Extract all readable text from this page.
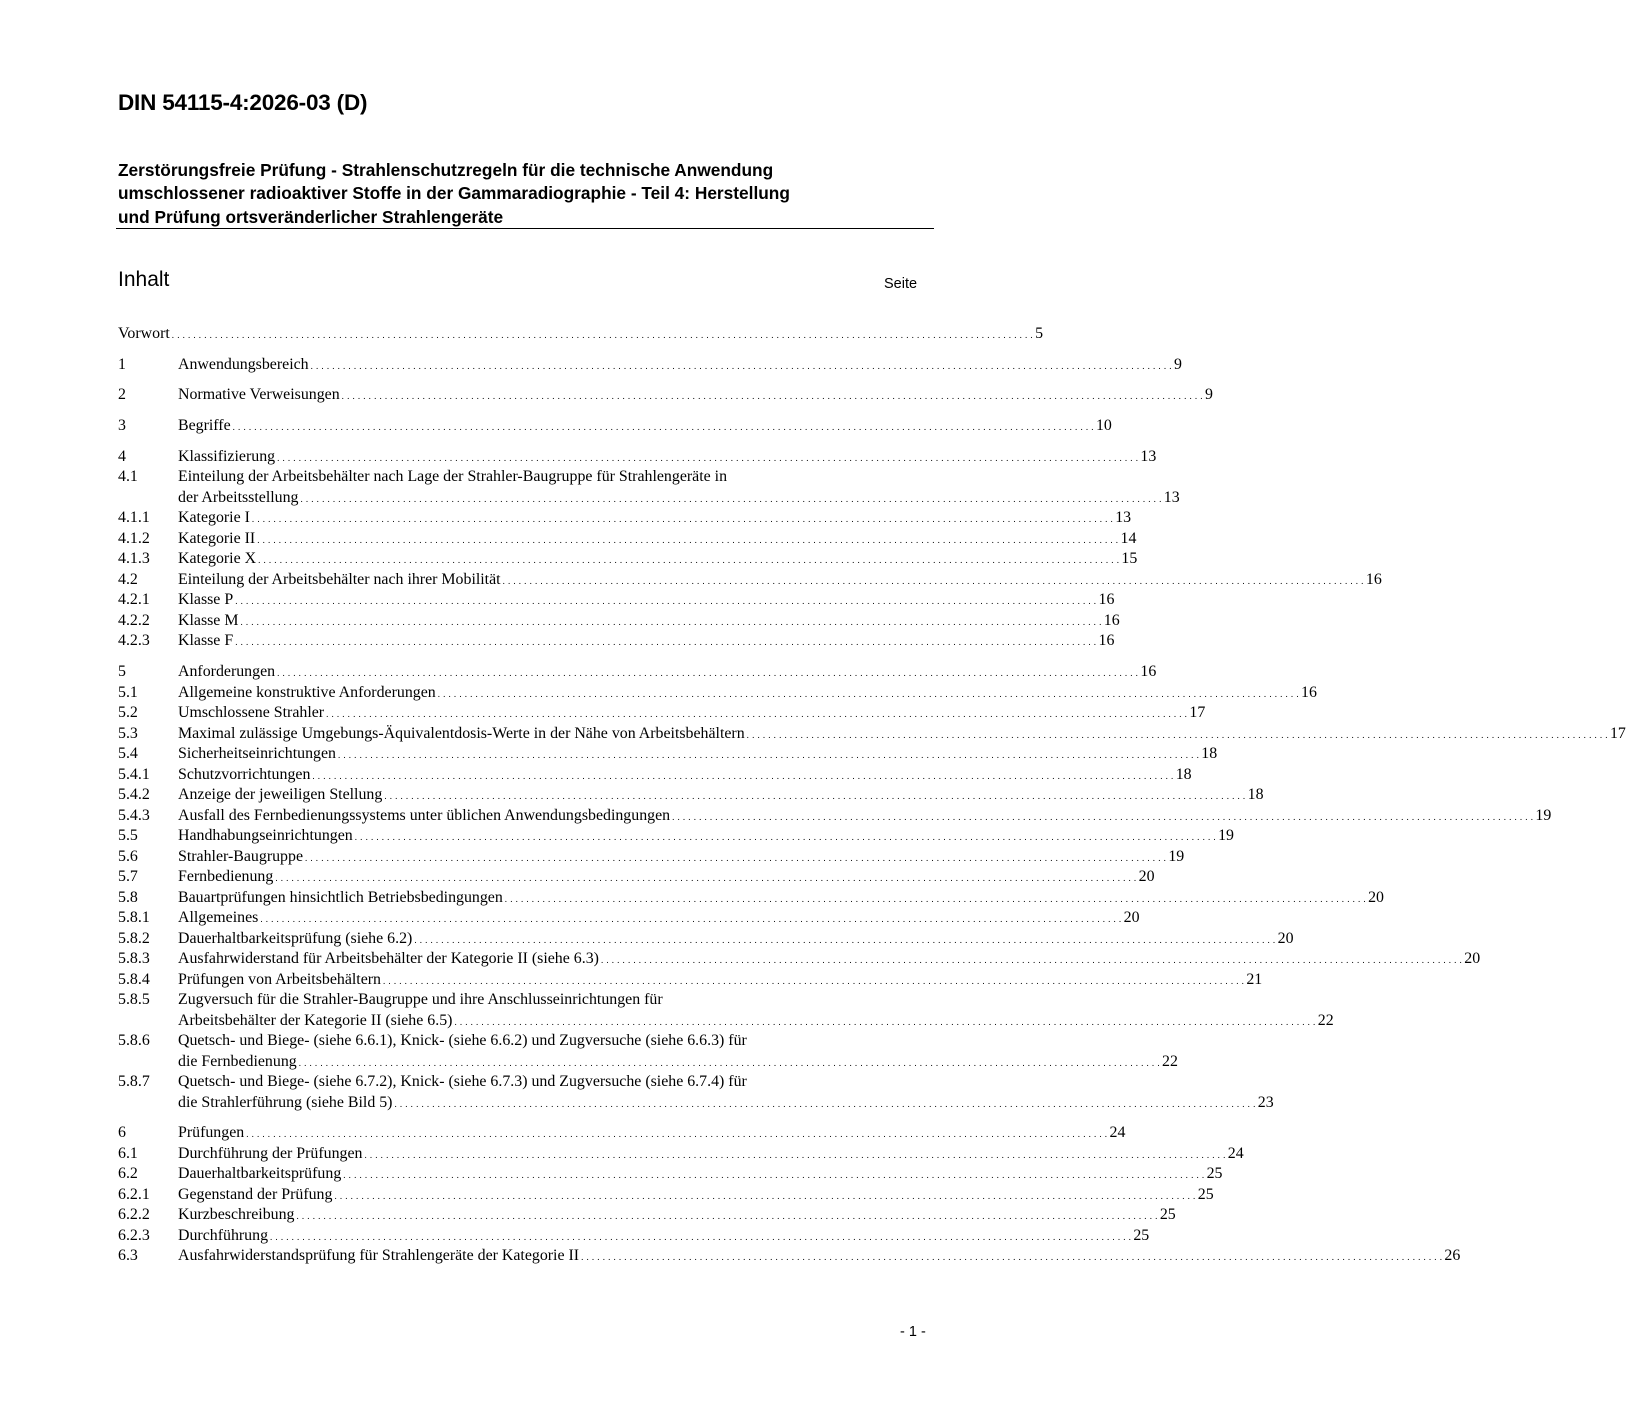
DIN 54115-4:2026-03 (D)
Zerstörungsfreie Prüfung - Strahlenschutzregeln für die technische Anwendung
umschlossener radioaktiver Stoffe in der Gammaradiographie - Teil 4: Herstellung
und Prüfung ortsveränderlicher Strahlengeräte
Inhalt	Seite
Vorwort . . . . . . . . . . . . . . . . . . . . . . . . . . . . . . . . . . . . . . . . . . . . . . . . . . . . . . . . . . . . . . . . . . . . . . . . . . . . . . . . . . . . . . . . . . . . . . . . . . . . . . . . . . . . . . . . . . . . . . . . . . . . . . . . . . . . . . . . . . . . . . . . . . . . . . . . . . . . . . . . 5
1	Anwendungsbereich . . . . . . . . . . . . . . . . . . . . . . . . . . . . . . . . . . . . . . . . . . . . . . . . . . . . . . . . . . . . . . . . . . . . . . . . . . . . . . . . . . . . . . . . . . . . . . . . . . . . . . . . . . . . . . . . . . . . . . . . . . . . . . . . . . . . . . . . . . . . . . . . . . . . . . . . . . . . . . . . 9
2	Normative Verweisungen . . . . . . . . . . . . . . . . . . . . . . . . . . . . . . . . . . . . . . . . . . . . . . . . . . . . . . . . . . . . . . . . . . . . . . . . . . . . . . . . . . . . . . . . . . . . . . . . . . . . . . . . . . . . . . . . . . . . . . . . . . . . . . . . . . . . . . . . . . . . . . . . . . . . . . . . . . . . . . . . 9
3	Begriffe . . . . . . . . . . . . . . . . . . . . . . . . . . . . . . . . . . . . . . . . . . . . . . . . . . . . . . . . . . . . . . . . . . . . . . . . . . . . . . . . . . . . . . . . . . . . . . . . . . . . . . . . . . . . . . . . . . . . . . . . . . . . . . . . . . . . . . . . . . . . . . . . . . . . . . . . . . . . . . . . 10
4	Klassifizierung . . . . . . . . . . . . . . . . . . . . . . . . . . . . . . . . . . . . . . . . . . . . . . . . . . . . . . . . . . . . . . . . . . . . . . . . . . . . . . . . . . . . . . . . . . . . . . . . . . . . . . . . . . . . . . . . . . . . . . . . . . . . . . . . . . . . . . . . . . . . . . . . . . . . . . . . . . . . . . . . 13
4.1	Einteilung der Arbeitsbehälter nach Lage der Strahler-Baugruppe für Strahlengeräte in
der Arbeitsstellung . . . . . . . . . . . . . . . . . . . . . . . . . . . . . . . . . . . . . . . . . . . . . . . . . . . . . . . . . . . . . . . . . . . . . . . . . . . . . . . . . . . . . . . . . . . . . . . . . . . . . . . . . . . . . . . . . . . . . . . . . . . . . . . . . . . . . . . . . . . . . . . . . . . . . . . . . . . . . . . . 13
4.1.1 Kategorie I . . . . . . . . . . . . . . . . . . . . . . . . . . . . . . . . . . . . . . . . . . . . . . . . . . . . . . . . . . . . . . . . . . . . . . . . . . . . . . . . . . . . . . . . . . . . . . . . . . . . . . . . . . . . . . . . . . . . . . . . . . . . . . . . . . . . . . . . . . . . . . . . . . . . . . . . . . . . . . . . 13
4.1.2 Kategorie II . . . . . . . . . . . . . . . . . . . . . . . . . . . . . . . . . . . . . . . . . . . . . . . . . . . . . . . . . . . . . . . . . . . . . . . . . . . . . . . . . . . . . . . . . . . . . . . . . . . . . . . . . . . . . . . . . . . . . . . . . . . . . . . . . . . . . . . . . . . . . . . . . . . . . . . . . . . . . . . . 14
4.1.3 Kategorie X . . . . . . . . . . . . . . . . . . . . . . . . . . . . . . . . . . . . . . . . . . . . . . . . . . . . . . . . . . . . . . . . . . . . . . . . . . . . . . . . . . . . . . . . . . . . . . . . . . . . . . . . . . . . . . . . . . . . . . . . . . . . . . . . . . . . . . . . . . . . . . . . . . . . . . . . . . . . . . . . 15
4.2	Einteilung der Arbeitsbehälter nach ihrer Mobilität . . . . . . . . . . . . . . . . . . . . . . . . . . . . . . . . . . . . . . . . . . . . . . . . . . . . . . . . . . . . . . . . . . . . . . . . . . . . . . . . . . . . . . . . . . . . . . . . . . . . . . . . . . . . . . . . . . . . . . . . . . . . . . . . . . . . . . . . . . . . . . . . . . . . . . . . . . . . . . . . 16
4.2.1 Klasse P . . . . . . . . . . . . . . . . . . . . . . . . . . . . . . . . . . . . . . . . . . . . . . . . . . . . . . . . . . . . . . . . . . . . . . . . . . . . . . . . . . . . . . . . . . . . . . . . . . . . . . . . . . . . . . . . . . . . . . . . . . . . . . . . . . . . . . . . . . . . . . . . . . . . . . . . . . . . . . . . 16
4.2.2 Klasse M . . . . . . . . . . . . . . . . . . . . . . . . . . . . . . . . . . . . . . . . . . . . . . . . . . . . . . . . . . . . . . . . . . . . . . . . . . . . . . . . . . . . . . . . . . . . . . . . . . . . . . . . . . . . . . . . . . . . . . . . . . . . . . . . . . . . . . . . . . . . . . . . . . . . . . . . . . . . . . . . 16
4.2.3 Klasse F . . . . . . . . . . . . . . . . . . . . . . . . . . . . . . . . . . . . . . . . . . . . . . . . . . . . . . . . . . . . . . . . . . . . . . . . . . . . . . . . . . . . . . . . . . . . . . . . . . . . . . . . . . . . . . . . . . . . . . . . . . . . . . . . . . . . . . . . . . . . . . . . . . . . . . . . . . . . . . . . 16
5	Anforderungen . . . . . . . . . . . . . . . . . . . . . . . . . . . . . . . . . . . . . . . . . . . . . . . . . . . . . . . . . . . . . . . . . . . . . . . . . . . . . . . . . . . . . . . . . . . . . . . . . . . . . . . . . . . . . . . . . . . . . . . . . . . . . . . . . . . . . . . . . . . . . . . . . . . . . . . . . . . . . . . . 16
5.1	Allgemeine konstruktive Anforderungen . . . . . . . . . . . . . . . . . . . . . . . . . . . . . . . . . . . . . . . . . . . . . . . . . . . . . . . . . . . . . . . . . . . . . . . . . . . . . . . . . . . . . . . . . . . . . . . . . . . . . . . . . . . . . . . . . . . . . . . . . . . . . . . . . . . . . . . . . . . . . . . . . . . . . . . . . . . . . . . . 16
5.2	Umschlossene Strahler . . . . . . . . . . . . . . . . . . . . . . . . . . . . . . . . . . . . . . . . . . . . . . . . . . . . . . . . . . . . . . . . . . . . . . . . . . . . . . . . . . . . . . . . . . . . . . . . . . . . . . . . . . . . . . . . . . . . . . . . . . . . . . . . . . . . . . . . . . . . . . . . . . . . . . . . . . . . . . . . 17
5.3	Maximal zulässige Umgebungs-Äquivalentdosis-Werte in der Nähe von Arbeitsbehältern . . . . . . . . . . . . . . . . . . . . . . . . . . . . . . . . . . . . . . . . . . . . . . . . . . . . . . . . . . . . . . . . . . . . . . . . . . . . . . . . . . . . . . . . . . . . . . . . . . . . . . . . . . . . . . . . . . . . . . . . . . . . . . . . . . . . . . . . . . . . . . . . . . . . . . . . . . . . . . . . 17
5.4	Sicherheitseinrichtungen . . . . . . . . . . . . . . . . . . . . . . . . . . . . . . . . . . . . . . . . . . . . . . . . . . . . . . . . . . . . . . . . . . . . . . . . . . . . . . . . . . . . . . . . . . . . . . . . . . . . . . . . . . . . . . . . . . . . . . . . . . . . . . . . . . . . . . . . . . . . . . . . . . . . . . . . . . . . . . . . 18
5.4.1 Schutzvorrichtungen . . . . . . . . . . . . . . . . . . . . . . . . . . . . . . . . . . . . . . . . . . . . . . . . . . . . . . . . . . . . . . . . . . . . . . . . . . . . . . . . . . . . . . . . . . . . . . . . . . . . . . . . . . . . . . . . . . . . . . . . . . . . . . . . . . . . . . . . . . . . . . . . . . . . . . . . . . . . . . . . 18
5.4.2 Anzeige der jeweiligen Stellung . . . . . . . . . . . . . . . . . . . . . . . . . . . . . . . . . . . . . . . . . . . . . . . . . . . . . . . . . . . . . . . . . . . . . . . . . . . . . . . . . . . . . . . . . . . . . . . . . . . . . . . . . . . . . . . . . . . . . . . . . . . . . . . . . . . . . . . . . . . . . . . . . . . . . . . . . . . . . . . . 18
5.4.3 Ausfall des Fernbedienungssystems unter üblichen Anwendungsbedingungen . . . . . . . . . . . . . . . . . . . . . . . . . . . . . . . . . . . . . . . . . . . . . . . . . . . . . . . . . . . . . . . . . . . . . . . . . . . . . . . . . . . . . . . . . . . . . . . . . . . . . . . . . . . . . . . . . . . . . . . . . . . . . . . . . . . . . . . . . . . . . . . . . . . . . . . . . . . . . . . . 19
5.5	Handhabungseinrichtungen . . . . . . . . . . . . . . . . . . . . . . . . . . . . . . . . . . . . . . . . . . . . . . . . . . . . . . . . . . . . . . . . . . . . . . . . . . . . . . . . . . . . . . . . . . . . . . . . . . . . . . . . . . . . . . . . . . . . . . . . . . . . . . . . . . . . . . . . . . . . . . . . . . . . . . . . . . . . . . . . 19
5.6	Strahler-Baugruppe . . . . . . . . . . . . . . . . . . . . . . . . . . . . . . . . . . . . . . . . . . . . . . . . . . . . . . . . . . . . . . . . . . . . . . . . . . . . . . . . . . . . . . . . . . . . . . . . . . . . . . . . . . . . . . . . . . . . . . . . . . . . . . . . . . . . . . . . . . . . . . . . . . . . . . . . . . . . . . . . 19
5.7	Fernbedienung . . . . . . . . . . . . . . . . . . . . . . . . . . . . . . . . . . . . . . . . . . . . . . . . . . . . . . . . . . . . . . . . . . . . . . . . . . . . . . . . . . . . . . . . . . . . . . . . . . . . . . . . . . . . . . . . . . . . . . . . . . . . . . . . . . . . . . . . . . . . . . . . . . . . . . . . . . . . . . . . 20
5.8	Bauartprüfungen hinsichtlich Betriebsbedingungen . . . . . . . . . . . . . . . . . . . . . . . . . . . . . . . . . . . . . . . . . . . . . . . . . . . . . . . . . . . . . . . . . . . . . . . . . . . . . . . . . . . . . . . . . . . . . . . . . . . . . . . . . . . . . . . . . . . . . . . . . . . . . . . . . . . . . . . . . . . . . . . . . . . . . . . . . . . . . . . . 20
5.8.1 Allgemeines . . . . . . . . . . . . . . . . . . . . . . . . . . . . . . . . . . . . . . . . . . . . . . . . . . . . . . . . . . . . . . . . . . . . . . . . . . . . . . . . . . . . . . . . . . . . . . . . . . . . . . . . . . . . . . . . . . . . . . . . . . . . . . . . . . . . . . . . . . . . . . . . . . . . . . . . . . . . . . . . 20
5.8.2 Dauerhaltbarkeitsprüfung (siehe 6.2) . . . . . . . . . . . . . . . . . . . . . . . . . . . . . . . . . . . . . . . . . . . . . . . . . . . . . . . . . . . . . . . . . . . . . . . . . . . . . . . . . . . . . . . . . . . . . . . . . . . . . . . . . . . . . . . . . . . . . . . . . . . . . . . . . . . . . . . . . . . . . . . . . . . . . . . . . . . . . . . . 20
5.8.3 Ausfahrwiderstand für Arbeitsbehälter der Kategorie II (siehe 6.3) . . . . . . . . . . . . . . . . . . . . . . . . . . . . . . . . . . . . . . . . . . . . . . . . . . . . . . . . . . . . . . . . . . . . . . . . . . . . . . . . . . . . . . . . . . . . . . . . . . . . . . . . . . . . . . . . . . . . . . . . . . . . . . . . . . . . . . . . . . . . . . . . . . . . . . . . . . . . . . . . 20
5.8.4 Prüfungen von Arbeitsbehältern . . . . . . . . . . . . . . . . . . . . . . . . . . . . . . . . . . . . . . . . . . . . . . . . . . . . . . . . . . . . . . . . . . . . . . . . . . . . . . . . . . . . . . . . . . . . . . . . . . . . . . . . . . . . . . . . . . . . . . . . . . . . . . . . . . . . . . . . . . . . . . . . . . . . . . . . . . . . . . . . 21
5.8.5 Zugversuch für die Strahler-Baugruppe und ihre Anschlusseinrichtungen für
Arbeitsbehälter der Kategorie II (siehe 6.5) . . . . . . . . . . . . . . . . . . . . . . . . . . . . . . . . . . . . . . . . . . . . . . . . . . . . . . . . . . . . . . . . . . . . . . . . . . . . . . . . . . . . . . . . . . . . . . . . . . . . . . . . . . . . . . . . . . . . . . . . . . . . . . . . . . . . . . . . . . . . . . . . . . . . . . . . . . . . . . . . 22
5.8.6 Quetsch- und Biege- (siehe 6.6.1), Knick- (siehe 6.6.2) und Zugversuche (siehe 6.6.3) für
die Fernbedienung . . . . . . . . . . . . . . . . . . . . . . . . . . . . . . . . . . . . . . . . . . . . . . . . . . . . . . . . . . . . . . . . . . . . . . . . . . . . . . . . . . . . . . . . . . . . . . . . . . . . . . . . . . . . . . . . . . . . . . . . . . . . . . . . . . . . . . . . . . . . . . . . . . . . . . . . . . . . . . . . 22
5.8.7 Quetsch- und Biege- (siehe 6.7.2), Knick- (siehe 6.7.3) und Zugversuche (siehe 6.7.4) für
die Strahlerführung (siehe Bild 5) . . . . . . . . . . . . . . . . . . . . . . . . . . . . . . . . . . . . . . . . . . . . . . . . . . . . . . . . . . . . . . . . . . . . . . . . . . . . . . . . . . . . . . . . . . . . . . . . . . . . . . . . . . . . . . . . . . . . . . . . . . . . . . . . . . . . . . . . . . . . . . . . . . . . . . . . . . . . . . . . 23
6	Prüfungen . . . . . . . . . . . . . . . . . . . . . . . . . . . . . . . . . . . . . . . . . . . . . . . . . . . . . . . . . . . . . . . . . . . . . . . . . . . . . . . . . . . . . . . . . . . . . . . . . . . . . . . . . . . . . . . . . . . . . . . . . . . . . . . . . . . . . . . . . . . . . . . . . . . . . . . . . . . . . . . . 24
6.1	Durchführung der Prüfungen . . . . . . . . . . . . . . . . . . . . . . . . . . . . . . . . . . . . . . . . . . . . . . . . . . . . . . . . . . . . . . . . . . . . . . . . . . . . . . . . . . . . . . . . . . . . . . . . . . . . . . . . . . . . . . . . . . . . . . . . . . . . . . . . . . . . . . . . . . . . . . . . . . . . . . . . . . . . . . . . 24
6.2	Dauerhaltbarkeitsprüfung . . . . . . . . . . . . . . . . . . . . . . . . . . . . . . . . . . . . . . . . . . . . . . . . . . . . . . . . . . . . . . . . . . . . . . . . . . . . . . . . . . . . . . . . . . . . . . . . . . . . . . . . . . . . . . . . . . . . . . . . . . . . . . . . . . . . . . . . . . . . . . . . . . . . . . . . . . . . . . . . 25
6.2.1 Gegenstand der Prüfung . . . . . . . . . . . . . . . . . . . . . . . . . . . . . . . . . . . . . . . . . . . . . . . . . . . . . . . . . . . . . . . . . . . . . . . . . . . . . . . . . . . . . . . . . . . . . . . . . . . . . . . . . . . . . . . . . . . . . . . . . . . . . . . . . . . . . . . . . . . . . . . . . . . . . . . . . . . . . . . . 25
6.2.2 Kurzbeschreibung . . . . . . . . . . . . . . . . . . . . . . . . . . . . . . . . . . . . . . . . . . . . . . . . . . . . . . . . . . . . . . . . . . . . . . . . . . . . . . . . . . . . . . . . . . . . . . . . . . . . . . . . . . . . . . . . . . . . . . . . . . . . . . . . . . . . . . . . . . . . . . . . . . . . . . . . . . . . . . . . 25
6.2.3 Durchführung . . . . . . . . . . . . . . . . . . . . . . . . . . . . . . . . . . . . . . . . . . . . . . . . . . . . . . . . . . . . . . . . . . . . . . . . . . . . . . . . . . . . . . . . . . . . . . . . . . . . . . . . . . . . . . . . . . . . . . . . . . . . . . . . . . . . . . . . . . . . . . . . . . . . . . . . . . . . . . . . 25
6.3	Ausfahrwiderstandsprüfung für Strahlengeräte der Kategorie II . . . . . . . . . . . . . . . . . . . . . . . . . . . . . . . . . . . . . . . . . . . . . . . . . . . . . . . . . . . . . . . . . . . . . . . . . . . . . . . . . . . . . . . . . . . . . . . . . . . . . . . . . . . . . . . . . . . . . . . . . . . . . . . . . . . . . . . . . . . . . . . . . . . . . . . . . . . . . . . . 26
- 1 -
